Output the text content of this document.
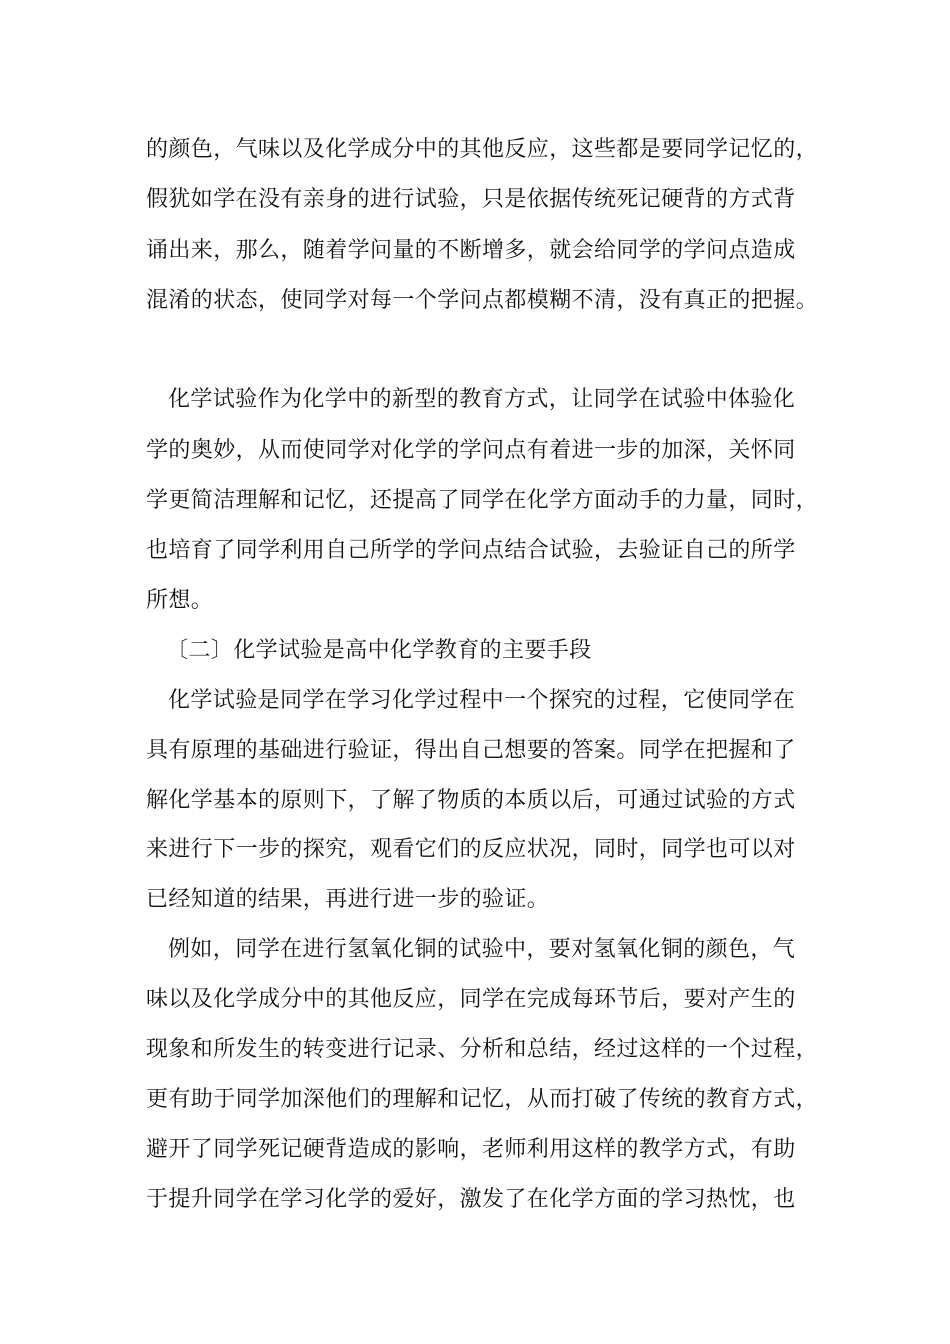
的颜色，气味以及化学成分中的其他反应，这些都是要同学记忆的，
假犹如学在没有亲身的进行试验，只是依据传统死记硬背的方式背
诵出来，那么，随着学问量的不断增多，就会给同学的学问点造成
混淆的状态，使同学对每一个学问点都模糊不清，没有真正的把握。
化学试验作为化学中的新型的教育方式，让同学在试验中体验化
学的奥妙，从而使同学对化学的学问点有着进一步的加深，关怀同
学更简洁理解和记忆，还提高了同学在化学方面动手的力量，同时，
也培育了同学利用自己所学的学问点结合试验，去验证自己的所学
所想。
〔二〕化学试验是高中化学教育的主要手段
化学试验是同学在学习化学过程中一个探究的过程，它使同学在
具有原理的基础进行验证，得出自己想要的答案。同学在把握和了
解化学基本的原则下，了解了物质的本质以后，可通过试验的方式
来进行下一步的探究，观看它们的反应状况，同时，同学也可以对
已经知道的结果，再进行进一步的验证。
例如，同学在进行氢氧化铜的试验中，要对氢氧化铜的颜色，气
味以及化学成分中的其他反应，同学在完成每环节后，要对产生的
现象和所发生的转变进行记录、分析和总结，经过这样的一个过程，
更有助于同学加深他们的理解和记忆，从而打破了传统的教育方式，
避开了同学死记硬背造成的影响，老师利用这样的教学方式，有助
于提升同学在学习化学的爱好，激发了在化学方面的学习热忱，也
